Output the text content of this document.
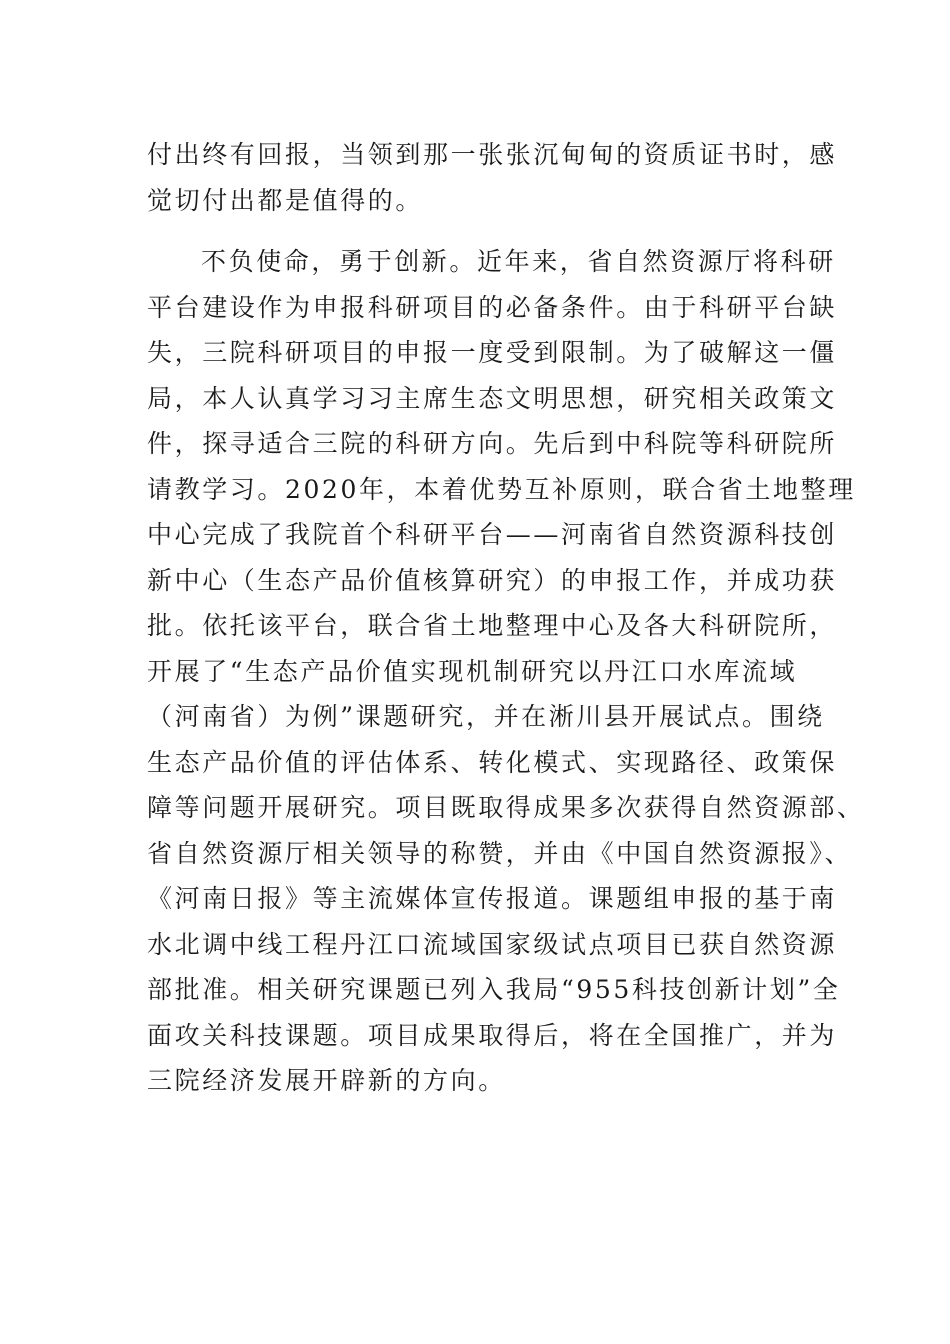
付出终有回报，当领到那一张张沉甸甸的资质证书时，感
觉切付出都是值得的。
不负使命，勇于创新。近年来，省自然资源厅将科研
平台建设作为申报科研项目的必备条件。由于科研平台缺
失，三院科研项目的申报一度受到限制。为了破解这一僵
局，本人认真学习习主席生态文明思想，研究相关政策文
件，探寻适合三院的科研方向。先后到中科院等科研院所
请教学习。2020年，本着优势互补原则，联合省土地整理
中心完成了我院首个科研平台——河南省自然资源科技创
新中心（生态产品价值核算研究）的申报工作，并成功获
批。依托该平台，联合省土地整理中心及各大科研院所，
开展了“生态产品价值实现机制研究以丹江口水库流域
（河南省）为例”课题研究，并在淅川县开展试点。围绕
生态产品价值的评估体系、转化模式、实现路径、政策保
障等问题开展研究。项目既取得成果多次获得自然资源部、
省自然资源厅相关领导的称赞，并由《中国自然资源报》、
《河南日报》等主流媒体宣传报道。课题组申报的基于南
水北调中线工程丹江口流域国家级试点项目已获自然资源
部批准。相关研究课题已列入我局“955科技创新计划”全
面攻关科技课题。项目成果取得后，将在全国推广，并为
三院经济发展开辟新的方向。
